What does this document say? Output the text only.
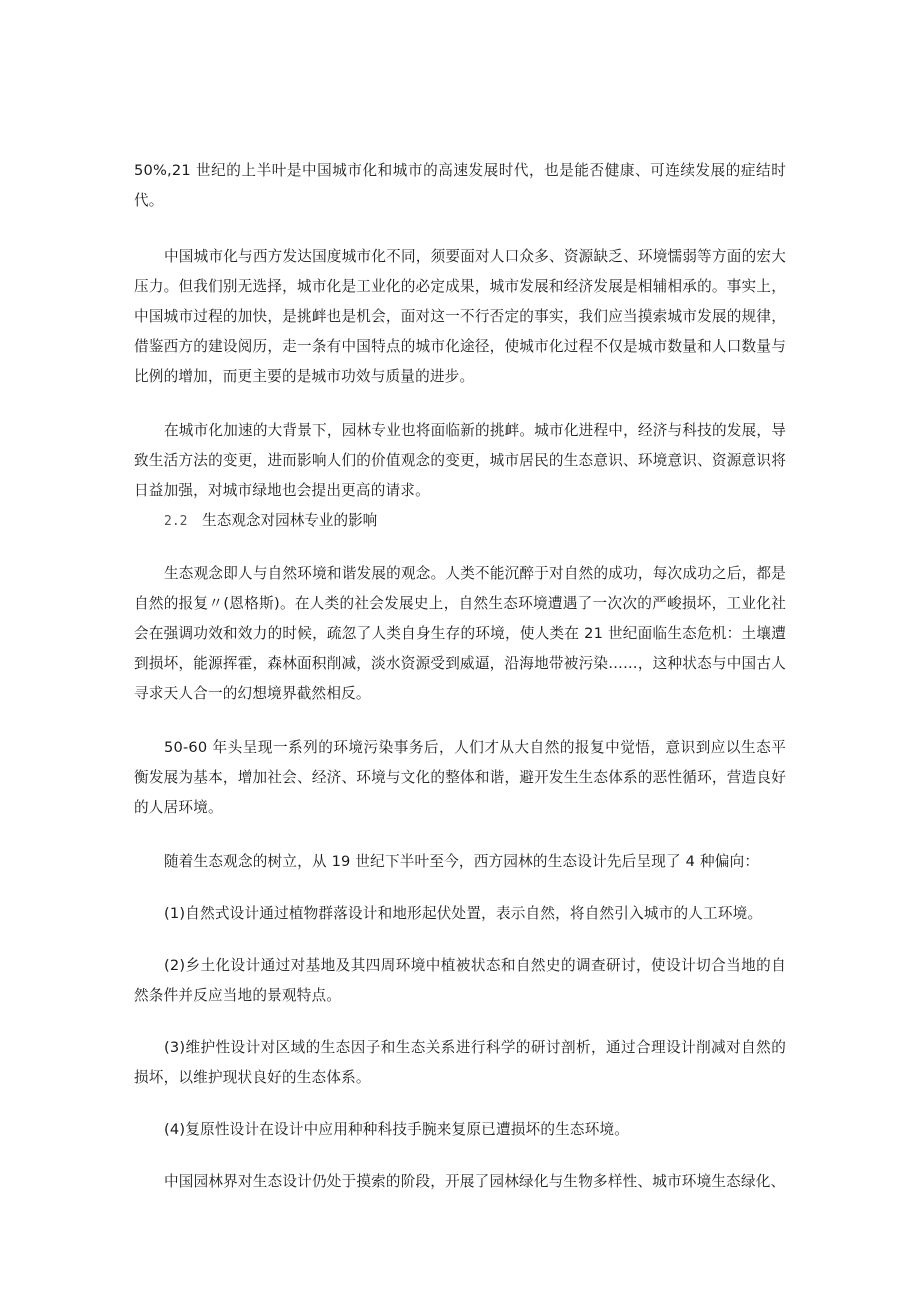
50%,21 世纪的上半叶是中国城市化和城市的高速发展时代，也是能否健康、可连续发展的症结时代。

中国城市化与西方发达国度城市化不同，须要面对人口众多、资源缺乏、环境懦弱等方面的宏大压力。但我们别无选择，城市化是工业化的必定成果，城市发展和经济发展是相辅相承的。事实上，中国城市过程的加快，是挑衅也是机会，面对这一不行否定的事实，我们应当摸索城市发展的规律，借鉴西方的建设阅历，走一条有中国特点的城市化途径，使城市化过程不仅是城市数量和人口数量与比例的增加，而更主要的是城市功效与质量的进步。

在城市化加速的大背景下，园林专业也将面临新的挑衅。城市化进程中，经济与科技的发展，导致生活方法的变更，进而影响人们的价值观念的变更，城市居民的生态意识、环境意识、资源意识将日益加强，对城市绿地也会提出更高的请求。

2.2 生态观念对园林专业的影响

生态观念即人与自然环境和谐发展的观念。人类不能沉醉于对自然的成功，每次成功之后，都是自然的报复〃(恩格斯)。在人类的社会发展史上，自然生态环境遭遇了一次次的严峻损坏，工业化社会在强调功效和效力的时候，疏忽了人类自身生存的环境，使人类在 21 世纪面临生态危机：土壤遭到损坏，能源挥霍，森林面积削减，淡水资源受到威逼，沿海地带被污染……，这种状态与中国古人寻求天人合一的幻想境界截然相反。

50-60 年头呈现一系列的环境污染事务后，人们才从大自然的报复中觉悟，意识到应以生态平衡发展为基本，增加社会、经济、环境与文化的整体和谐，避开发生生态体系的恶性循环，营造良好的人居环境。

随着生态观念的树立，从 19 世纪下半叶至今，西方园林的生态设计先后呈现了 4 种偏向：

(1)自然式设计通过植物群落设计和地形起伏处置，表示自然，将自然引入城市的人工环境。

(2)乡土化设计通过对基地及其四周环境中植被状态和自然史的调查研讨，使设计切合当地的自然条件并反应当地的景观特点。

(3)维护性设计对区域的生态因子和生态关系进行科学的研讨剖析，通过合理设计削减对自然的损坏，以维护现状良好的生态体系。

(4)复原性设计在设计中应用种种科技手腕来复原已遭损坏的生态环境。

中国园林界对生态设计仍处于摸索的阶段，开展了园林绿化与生物多样性、城市环境生态绿化、
